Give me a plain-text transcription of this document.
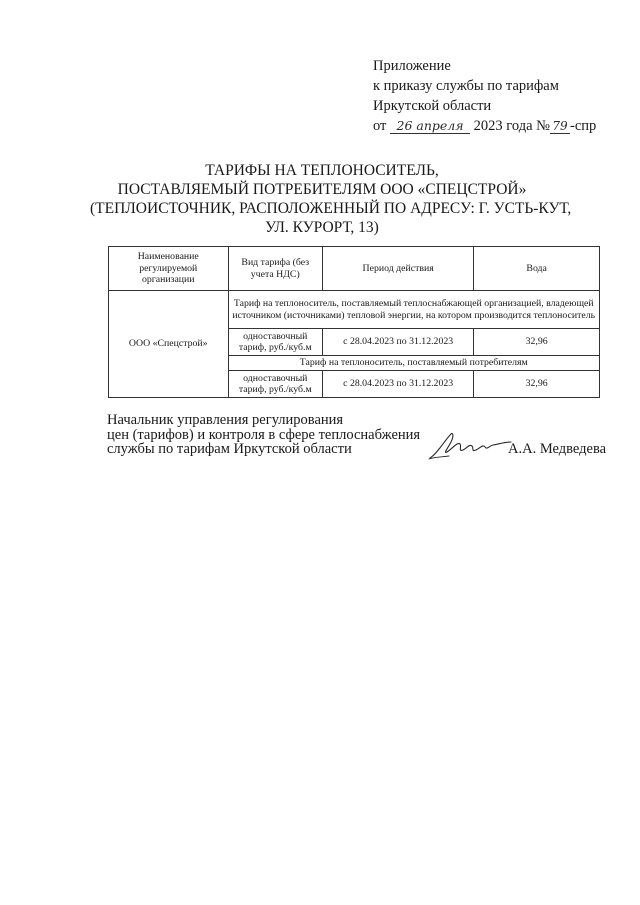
Приложение
к приказу службы по тарифам
Иркутской области
от 26 апреля 2023 года № 79 -спр
ТАРИФЫ НА ТЕПЛОНОСИТЕЛЬ,
ПОСТАВЛЯЕМЫЙ ПОТРЕБИТЕЛЯМ ООО «СПЕЦСТРОЙ»
(ТЕПЛОИСТОЧНИК, РАСПОЛОЖЕННЫЙ ПО АДРЕСУ: Г. УСТЬ-КУТ,
УЛ. КУРОРТ, 13)
Наименование регулируемой организации	Вид тарифа (без учета НДС)	Период действия	Вода
ООО «Спецстрой»	Тариф на теплоноситель, поставляемый теплоснабжающей организацией, владеющей источником (источниками) тепловой энергии, на котором производится теплоноситель		
	одноставочный тариф, руб./куб.м	с 28.04.2023 по 31.12.2023	32,96
	Тариф на теплоноситель, поставляемый потребителям		
	одноставочный тариф, руб./куб.м	с 28.04.2023 по 31.12.2023	32,96
Начальник управления регулирования
цен (тарифов) и контроля в сфере теплоснабжения
службы по тарифам Иркутской области	А.А. Медведева
